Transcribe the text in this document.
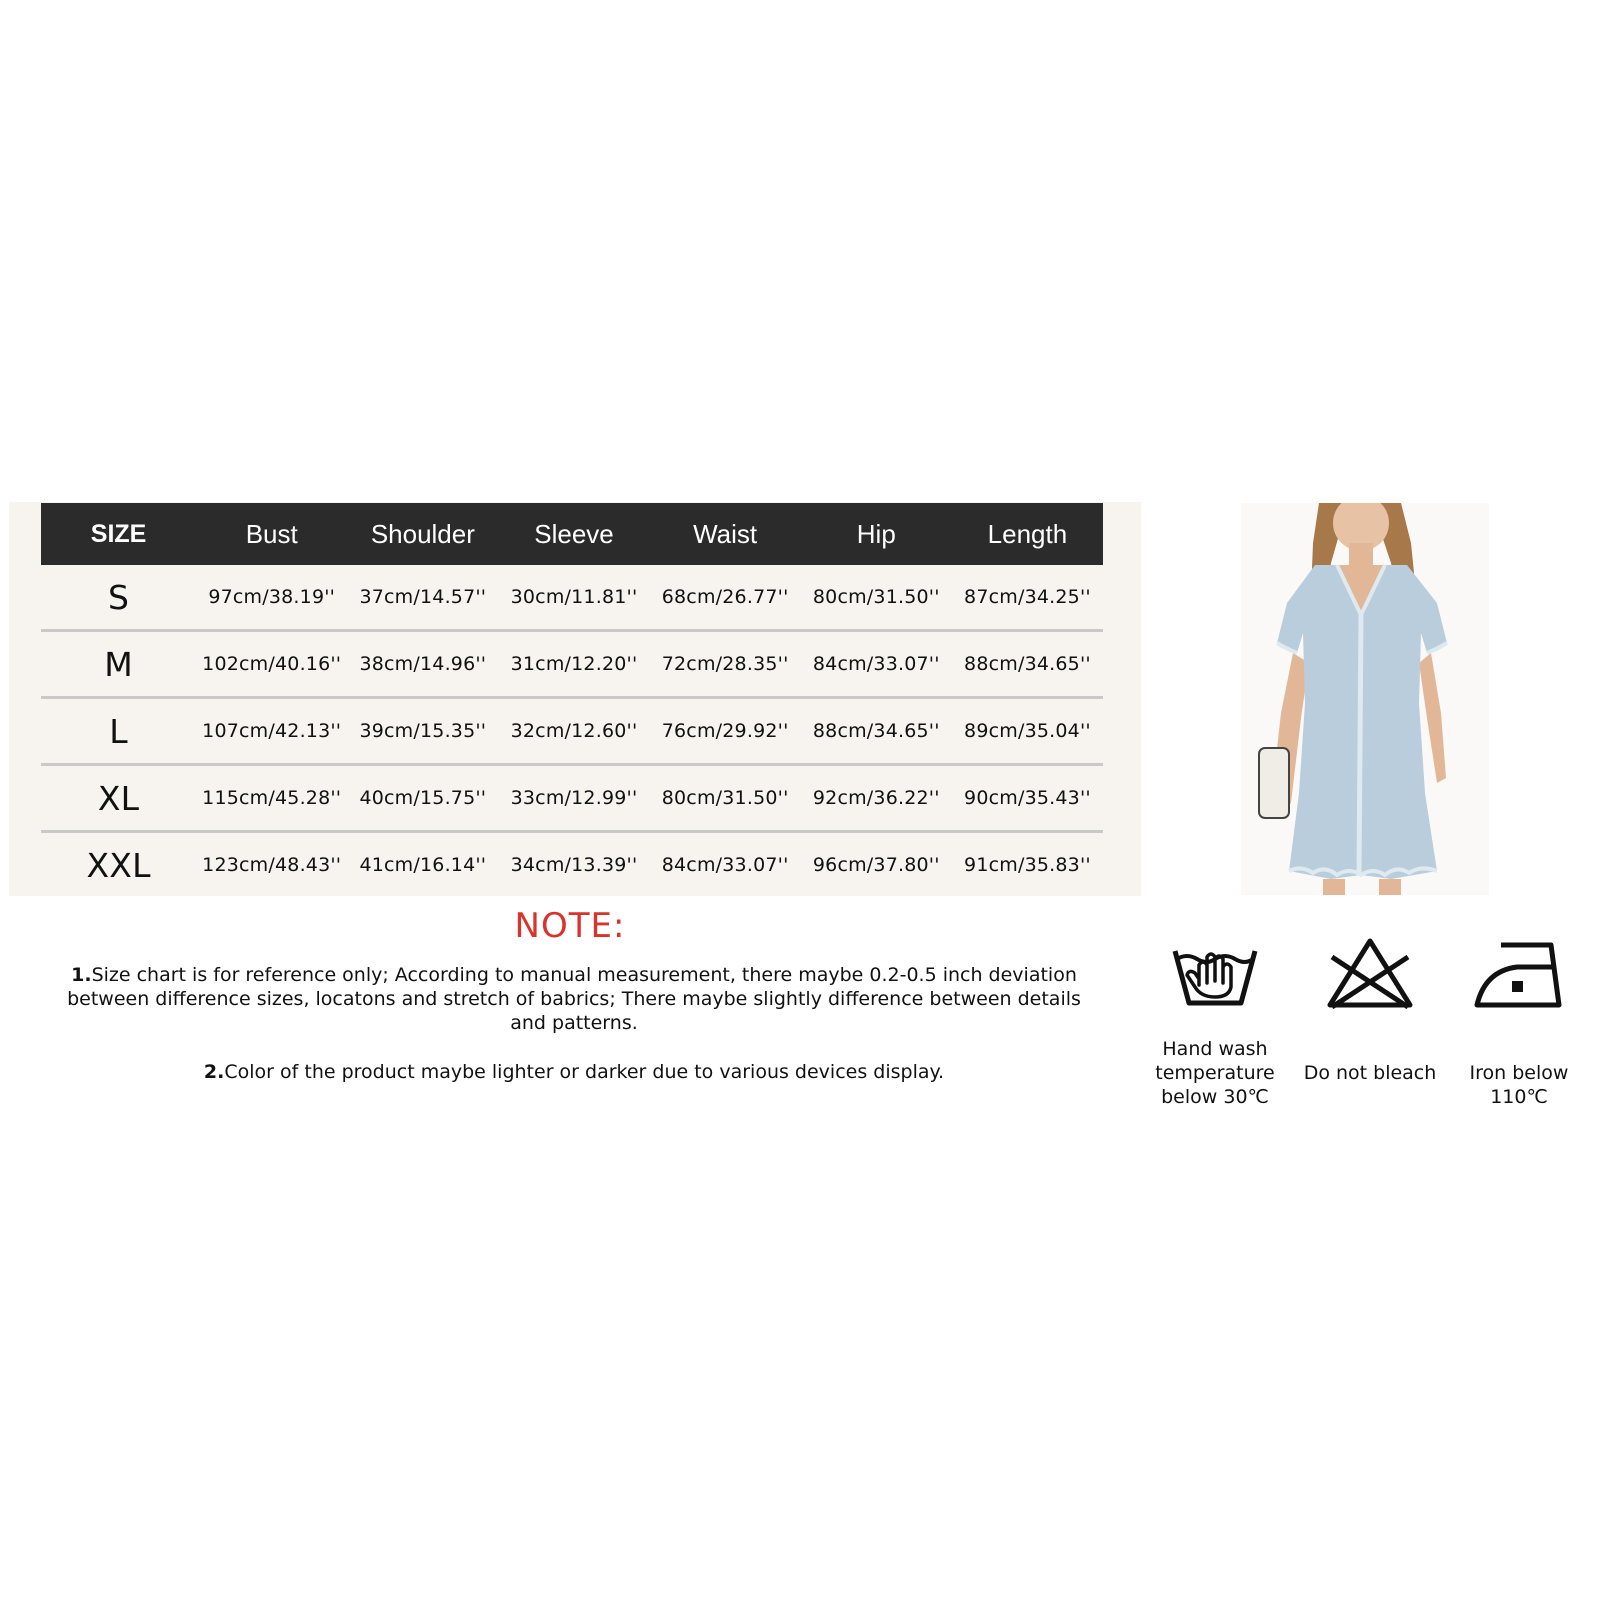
SIZE	Bust	Shoulder	Sleeve	Waist	Hip	Length
S	97cm/38.19''	37cm/14.57''	30cm/11.81''	68cm/26.77''	80cm/31.50''	87cm/34.25''
M	102cm/40.16''	38cm/14.96''	31cm/12.20''	72cm/28.35''	84cm/33.07''	88cm/34.65''
L	107cm/42.13''	39cm/15.35''	32cm/12.60''	76cm/29.92''	88cm/34.65''	89cm/35.04''
XL	115cm/45.28''	40cm/15.75''	33cm/12.99''	80cm/31.50''	92cm/36.22''	90cm/35.43''
XXL	123cm/48.43''	41cm/16.14''	34cm/13.39''	84cm/33.07''	96cm/37.80''	91cm/35.83''
NOTE:
1.Size chart is for reference only; According to manual measurement, there maybe 0.2-0.5 inch deviation between difference sizes, locatons and stretch of babrics; There maybe slightly difference between details and patterns.
2.Color of the product maybe lighter or darker due to various devices display.
Hand wash temperature below 30℃
Do not bleach	Iron below 110℃
